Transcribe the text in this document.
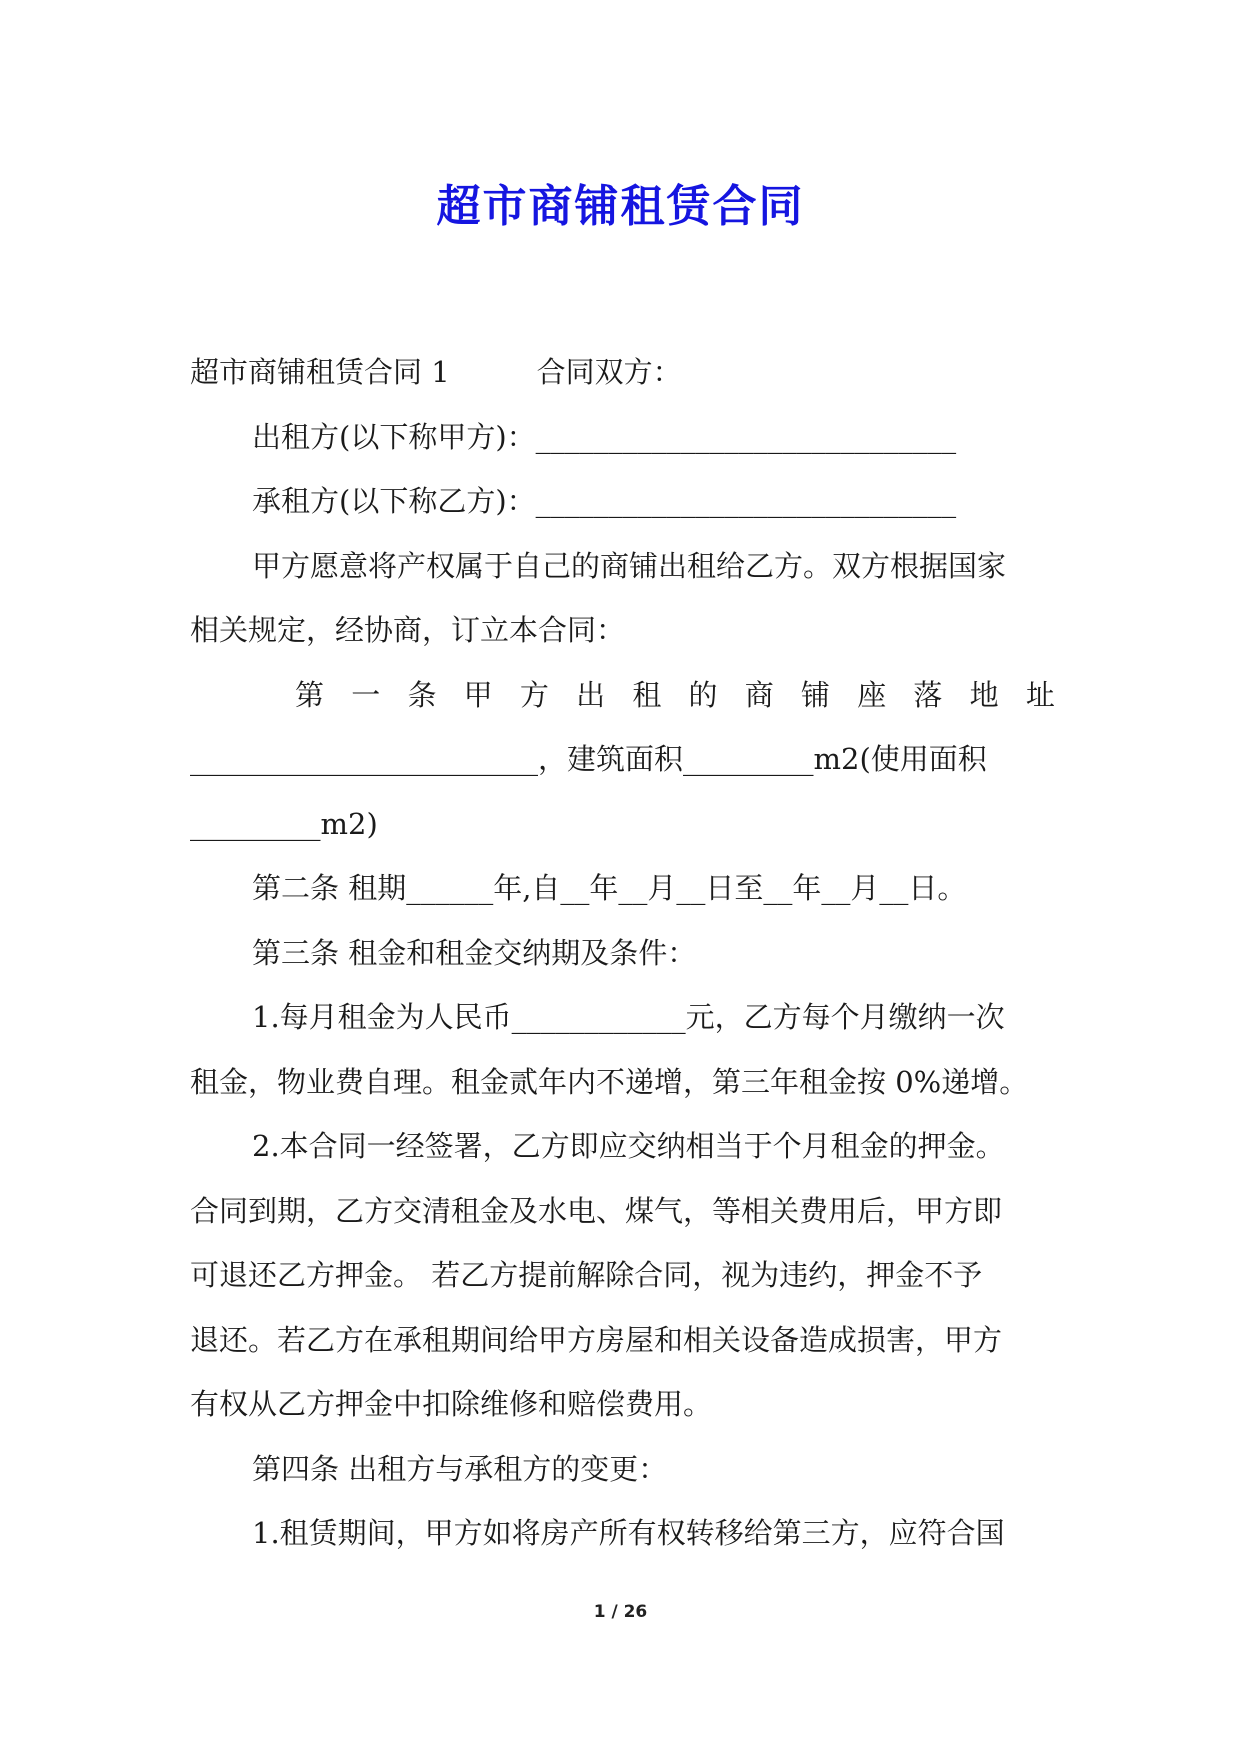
超市商铺租赁合同
超市商铺租赁合同 1　　　合同双方：
出租方(以下称甲方)：_____________________________
承租方(以下称乙方)：_____________________________
甲方愿意将产权属于自己的商铺出租给乙方。双方根据国家
相关规定，经协商，订立本合同：
第 一 条 甲 方 出 租 的 商 铺 座 落 地 址
________________________，建筑面积_________m2(使用面积
_________m2)
第二条 租期______年,自__年__月__日至__年__月__日。
第三条 租金和租金交纳期及条件：
1.每月租金为人民币____________元，乙方每个月缴纳一次
租金，物业费自理。租金贰年内不递增，第三年租金按 0%递增。
2.本合同一经签署，乙方即应交纳相当于个月租金的押金。
合同到期，乙方交清租金及水电、煤气，等相关费用后，甲方即
可退还乙方押金。 若乙方提前解除合同，视为违约，押金不予
退还。若乙方在承租期间给甲方房屋和相关设备造成损害，甲方
有权从乙方押金中扣除维修和赔偿费用。
第四条 出租方与承租方的变更：
1.租赁期间，甲方如将房产所有权转移给第三方，应符合国
1 / 26
